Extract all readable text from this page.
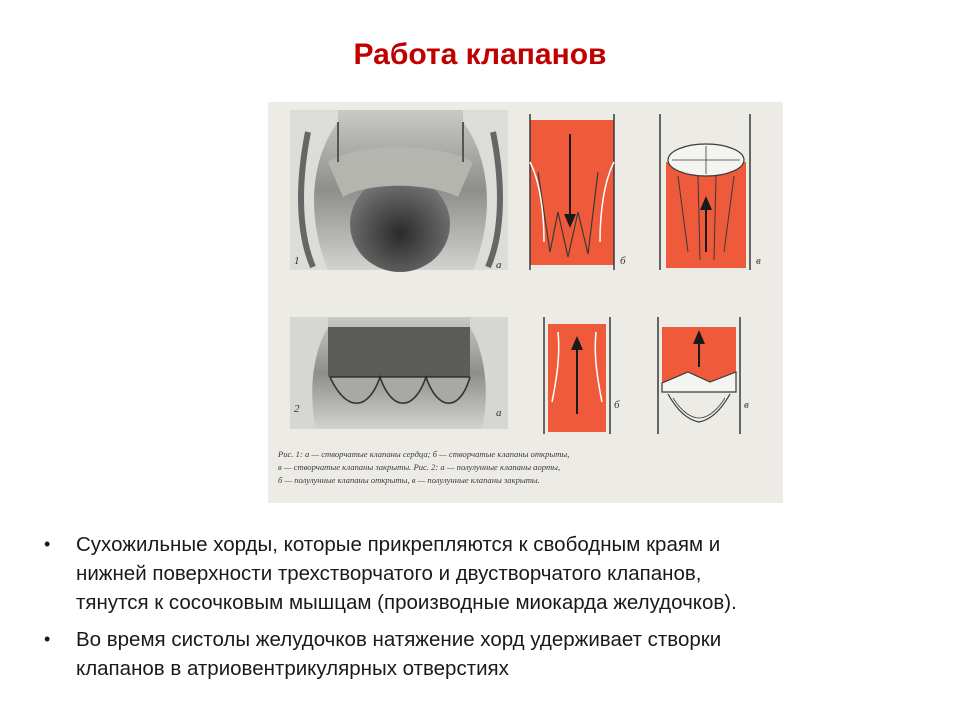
Работа клапанов
1	а	б	в
2	а
б	в
Рис. 1: а — створчатые клапаны сердца; б — створчатые клапаны открыты,
в — створчатые клапаны закрыты. Рис. 2: а — полулунные клапаны аорты,
б — полулунные клапаны открыты, в — полулунные клапаны закрыты.
• Сухожильные хорды, которые прикрепляются к свободным краям и
нижней поверхности трехстворчатого и двустворчатого клапанов,
тянутся к сосочковым мышцам (производные миокарда желудочков).
• Во время систолы желудочков натяжение хорд удерживает створки
клапанов в атриовентрикулярных отверстиях
